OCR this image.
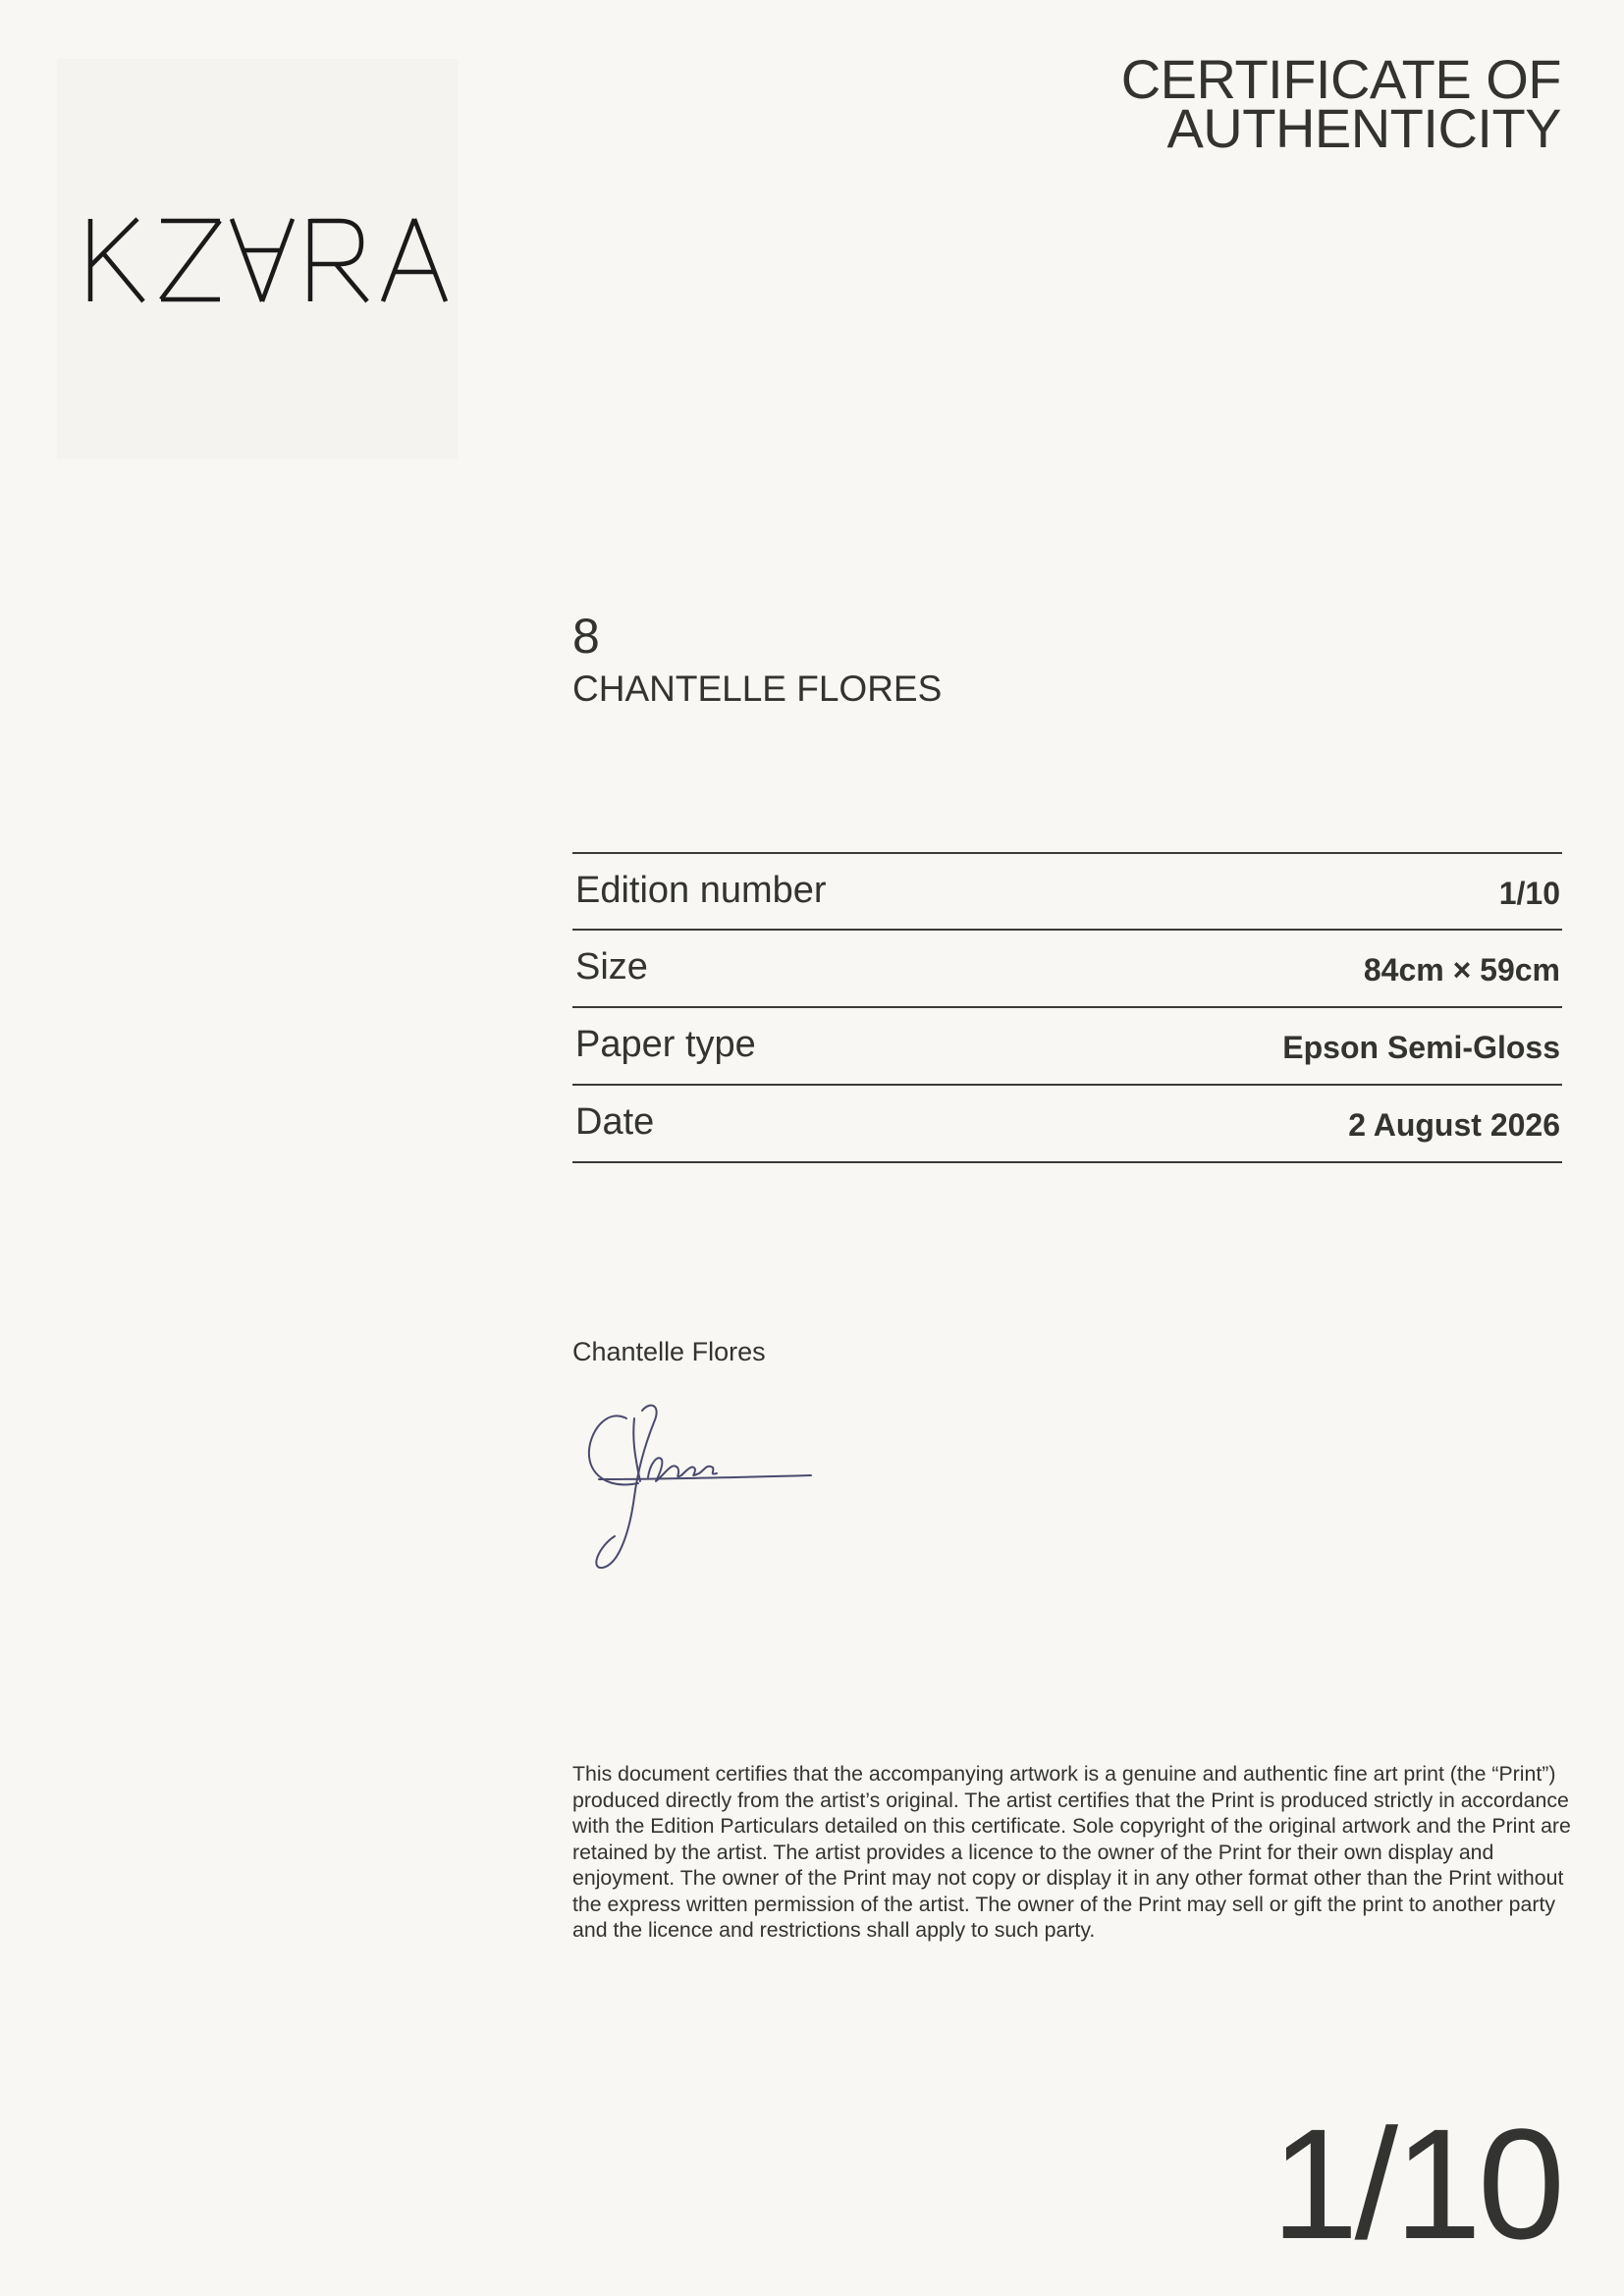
CERTIFICATE OF
AUTHENTICITY
8

CHANTELLE FLORES

Edition number	1/10
Size	84cm × 59cm
Paper type	Epson Semi-Gloss
Date	2 August 2026

Chantelle Flores

This document certifies that the accompanying artwork is a genuine and authentic fine art print (the “Print”) produced directly from the artist’s original. The artist certifies that the Print is produced strictly in accordance with the Edition Particulars detailed on this certificate. Sole copyright of the original artwork and the Print are retained by the artist. The artist provides a licence to the owner of the Print for their own display and enjoyment. The owner of the Print may not copy or display it in any other format other than the Print without the express written permission of the artist. The owner of the Print may sell or gift the print to another party and the licence and restrictions shall apply to such party.

1/10
